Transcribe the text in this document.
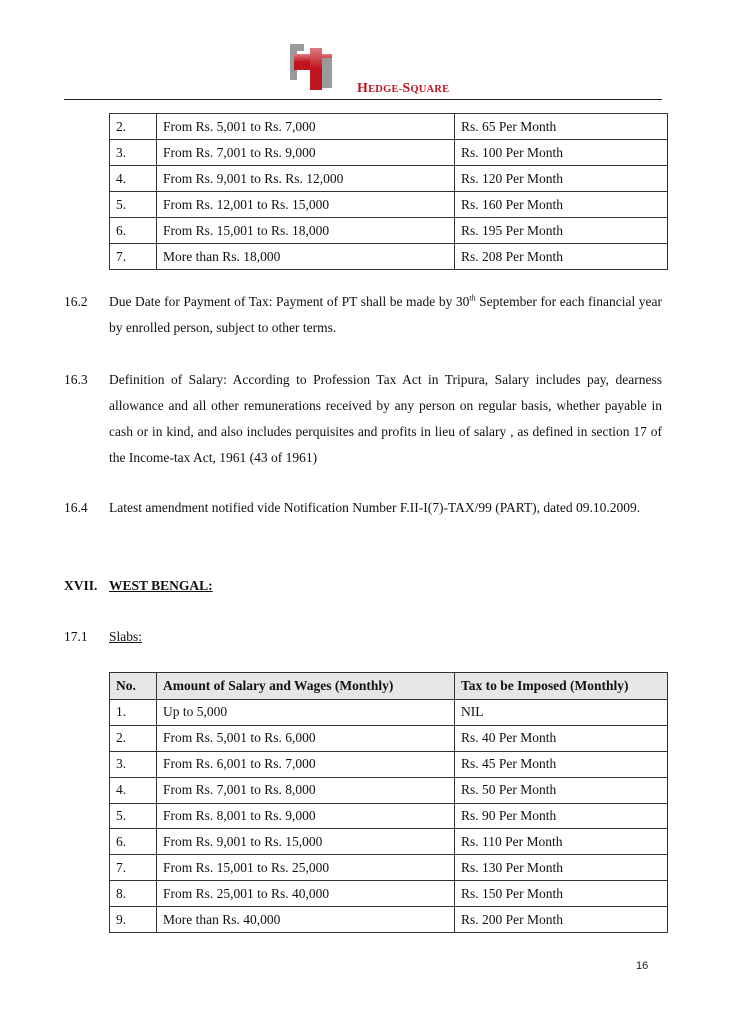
HEDGE-SQUARE
2.	From Rs. 5,001 to Rs. 7,000	Rs. 65 Per Month
3.	From Rs. 7,001 to Rs. 9,000	Rs. 100 Per Month
4.	From Rs. 9,001 to Rs. Rs. 12,000	Rs. 120 Per Month
5.	From Rs. 12,001 to Rs. 15,000	Rs. 160 Per Month
6.	From Rs. 15,001 to Rs. 18,000	Rs. 195 Per Month
7.	More than Rs. 18,000	Rs. 208 Per Month
16.2	Due Date for Payment of Tax: Payment of PT shall be made by 30th September for each financial year by enrolled person, subject to other terms.
16.3	Definition of Salary: According to Profession Tax Act in Tripura, Salary includes pay, dearness allowance and all other remunerations received by any person on regular basis, whether payable in cash or in kind, and also includes perquisites and profits in lieu of salary , as defined in section 17 of the Income-tax Act, 1961 (43 of 1961)
16.4	Latest amendment notified vide Notification Number F.II-I(7)-TAX/99 (PART), dated 09.10.2009.
XVII. WEST BENGAL:
17.1	Slabs:
No.	Amount of Salary and Wages (Monthly)	Tax to be Imposed (Monthly)
1.	Up to 5,000	NIL
2.	From Rs. 5,001 to Rs. 6,000	Rs. 40 Per Month
3.	From Rs. 6,001 to Rs. 7,000	Rs. 45 Per Month
4.	From Rs. 7,001 to Rs. 8,000	Rs. 50 Per Month
5.	From Rs. 8,001 to Rs. 9,000	Rs. 90 Per Month
6.	From Rs. 9,001 to Rs. 15,000	Rs. 110 Per Month
7.	From Rs. 15,001 to Rs. 25,000	Rs. 130 Per Month
8.	From Rs. 25,001 to Rs. 40,000	Rs. 150 Per Month
9.	More than Rs. 40,000	Rs. 200 Per Month
16
